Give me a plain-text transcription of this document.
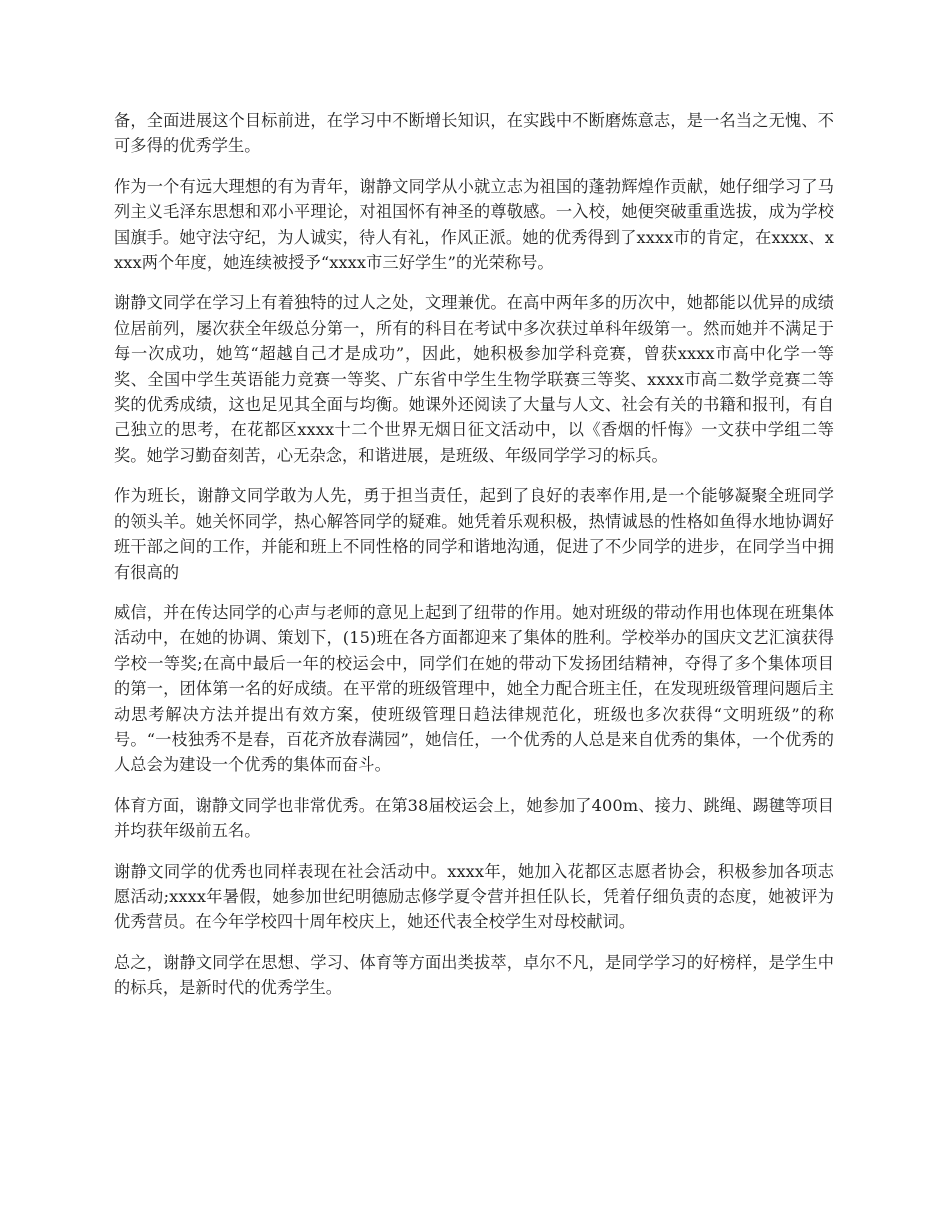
备，全面进展这个目标前进，在学习中不断增长知识，在实践中不断磨炼意志，是一名当之无愧、不可多得的优秀学生。

作为一个有远大理想的有为青年，谢静文同学从小就立志为祖国的蓬勃辉煌作贡献，她仔细学习了马列主义毛泽东思想和邓小平理论，对祖国怀有神圣的尊敬感。一入校，她便突破重重选拔，成为学校国旗手。她守法守纪，为人诚实，待人有礼，作风正派。她的优秀得到了xxxx市的肯定，在xxxx、xxxx两个年度，她连续被授予“xxxx市三好学生”的光荣称号。

谢静文同学在学习上有着独特的过人之处，文理兼优。在高中两年多的历次中，她都能以优异的成绩位居前列，屡次获全年级总分第一，所有的科目在考试中多次获过单科年级第一。然而她并不满足于每一次成功，她笃“超越自己才是成功”，因此，她积极参加学科竞赛，曾获xxxx市高中化学一等奖、全国中学生英语能力竞赛一等奖、广东省中学生生物学联赛三等奖、xxxx市高二数学竞赛二等奖的优秀成绩，这也足见其全面与均衡。她课外还阅读了大量与人文、社会有关的书籍和报刊，有自己独立的思考，在花都区xxxx十二个世界无烟日征文活动中，以《香烟的忏悔》一文获中学组二等奖。她学习勤奋刻苦，心无杂念，和谐进展，是班级、年级同学学习的标兵。

作为班长，谢静文同学敢为人先，勇于担当责任，起到了良好的表率作用,是一个能够凝聚全班同学的领头羊。她关怀同学，热心解答同学的疑难。她凭着乐观积极，热情诚恳的性格如鱼得水地协调好班干部之间的工作，并能和班上不同性格的同学和谐地沟通，促进了不少同学的进步，在同学当中拥有很高的

威信，并在传达同学的心声与老师的意见上起到了纽带的作用。她对班级的带动作用也体现在班集体活动中，在她的协调、策划下，(15)班在各方面都迎来了集体的胜利。学校举办的国庆文艺汇演获得学校一等奖;在高中最后一年的校运会中，同学们在她的带动下发扬团结精神，夺得了多个集体项目的第一，团体第一名的好成绩。在平常的班级管理中，她全力配合班主任，在发现班级管理问题后主动思考解决方法并提出有效方案，使班级管理日趋法律规范化，班级也多次获得“文明班级”的称号。“一枝独秀不是春，百花齐放春满园”，她信任，一个优秀的人总是来自优秀的集体，一个优秀的人总会为建设一个优秀的集体而奋斗。

体育方面，谢静文同学也非常优秀。在第38届校运会上，她参加了400m、接力、跳绳、踢毽等项目并均获年级前五名。

谢静文同学的优秀也同样表现在社会活动中。xxxx年，她加入花都区志愿者协会，积极参加各项志愿活动;xxxx年暑假，她参加世纪明德励志修学夏令营并担任队长，凭着仔细负责的态度，她被评为优秀营员。在今年学校四十周年校庆上，她还代表全校学生对母校献词。

总之，谢静文同学在思想、学习、体育等方面出类拔萃，卓尔不凡，是同学学习的好榜样，是学生中的标兵，是新时代的优秀学生。
